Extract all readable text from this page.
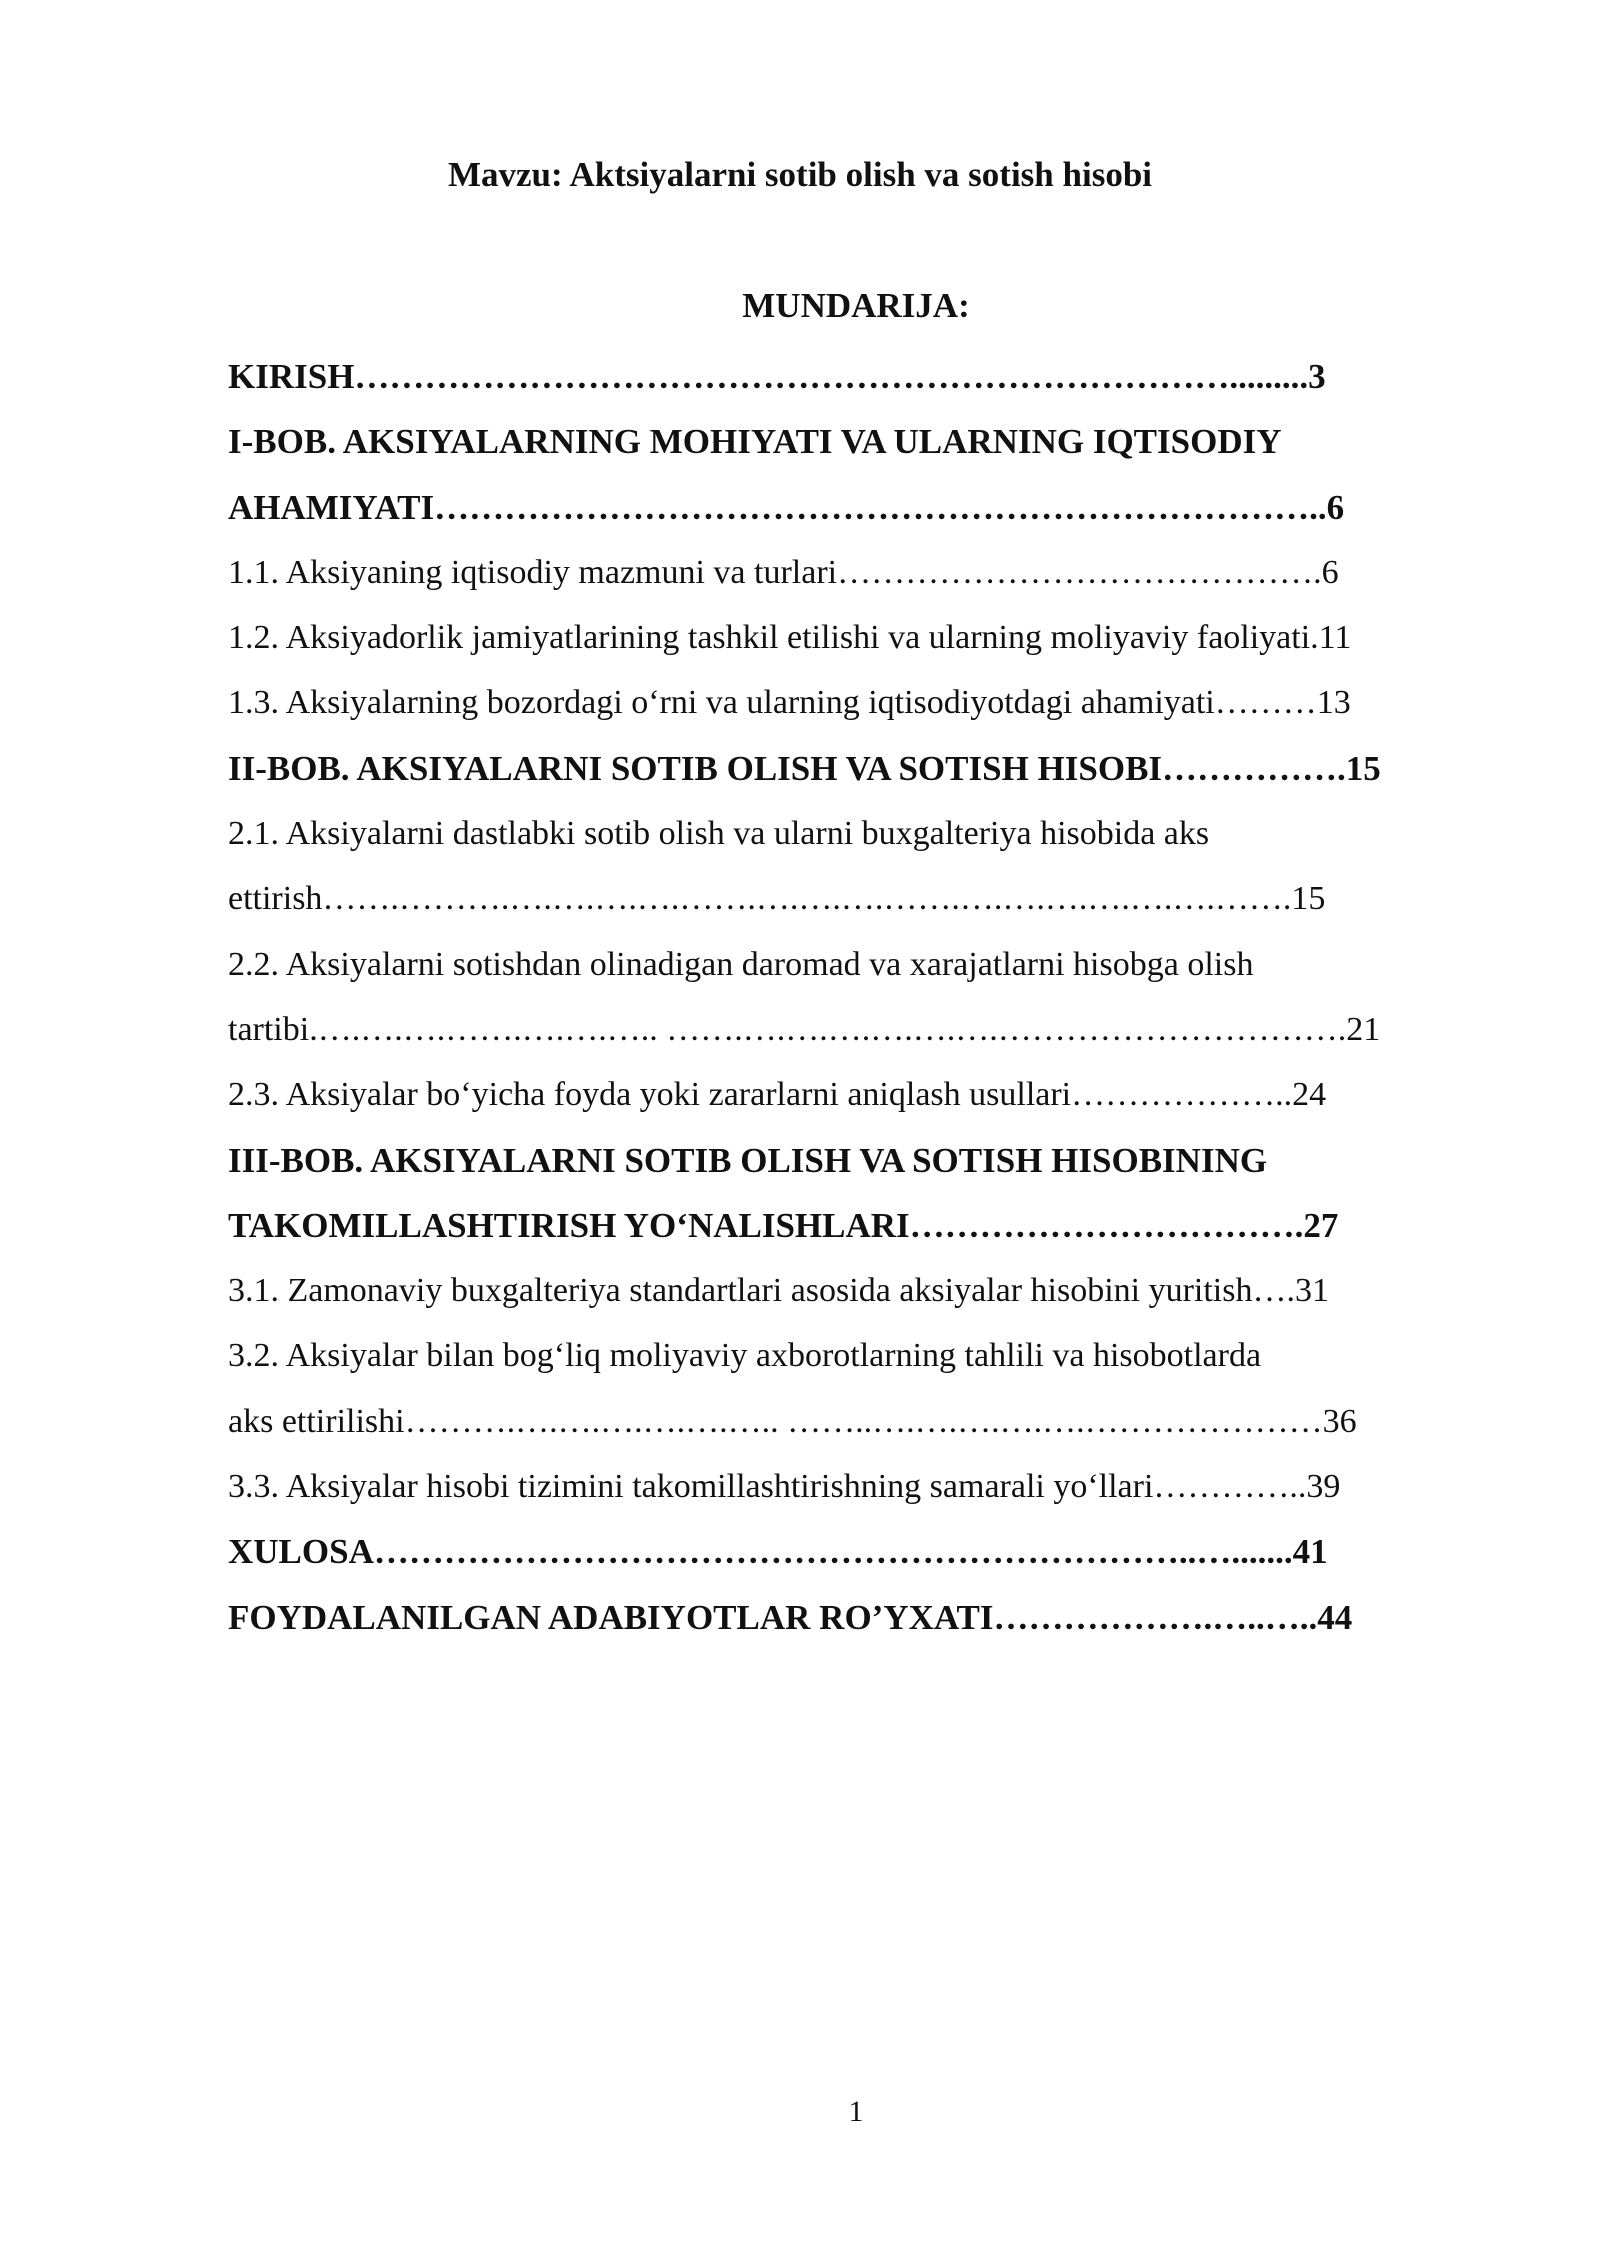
Mavzu: Aktsiyalarni sotib olish va sotish hisobi
MUNDARIJA:
KIRISH………………………………………………………………….........3
I-BOB. AKSIYALARNING MOHIYATI VA ULARNING IQTISODIY
AHAMIYATI…………………………………………………………………..6
1.1. Aksiyaning iqtisodiy mazmuni va turlari…………………………………….6
1.2. Aksiyadorlik jamiyatlarining tashkil etilishi va ularning moliyaviy faoliyati.11
1.3. Aksiyalarning bozordagi o‘rni va ularning iqtisodiyotdagi ahamiyati………13
II-BOB. AKSIYALARNI SOTIB OLISH VA SOTISH HISOBI…………….15
2.1. Aksiyalarni dastlabki sotib olish va ularni buxgalteriya hisobida aks
ettirish…….……….….….….….…….….….….…….….….….….….….…….15
2.2. Aksiyalarni sotishdan olinadigan daromad va xarajatlarni hisobga olish
tartibi.….….….…….….….….. …….….….….….….….………………………….21
2.3. Aksiyalar bo‘yicha foyda yoki zararlarni aniqlash usullari………………..24
III-BOB. AKSIYALARNI SOTIB OLISH VA SOTISH HISOBINING
TAKOMILLASHTIRISH YO‘NALISHLARI…………………………….27
3.1. Zamonaviy buxgalteriya standartlari asosida aksiyalar hisobini yuritish….31
3.2. Aksiyalar bilan bog‘liq moliyaviy axborotlarning tahlili va hisobotlarda
aks ettirilishi……….….….….….….….. ……..….….….….….…………………36
3.3. Aksiyalar hisobi tizimini takomillashtirishning samarali yo‘llari…………..39
XULOSA……………………………………………………………..….......41
FOYDALANILGAN ADABIYOTLAR RO’YXATI……………….…..…..44
1
